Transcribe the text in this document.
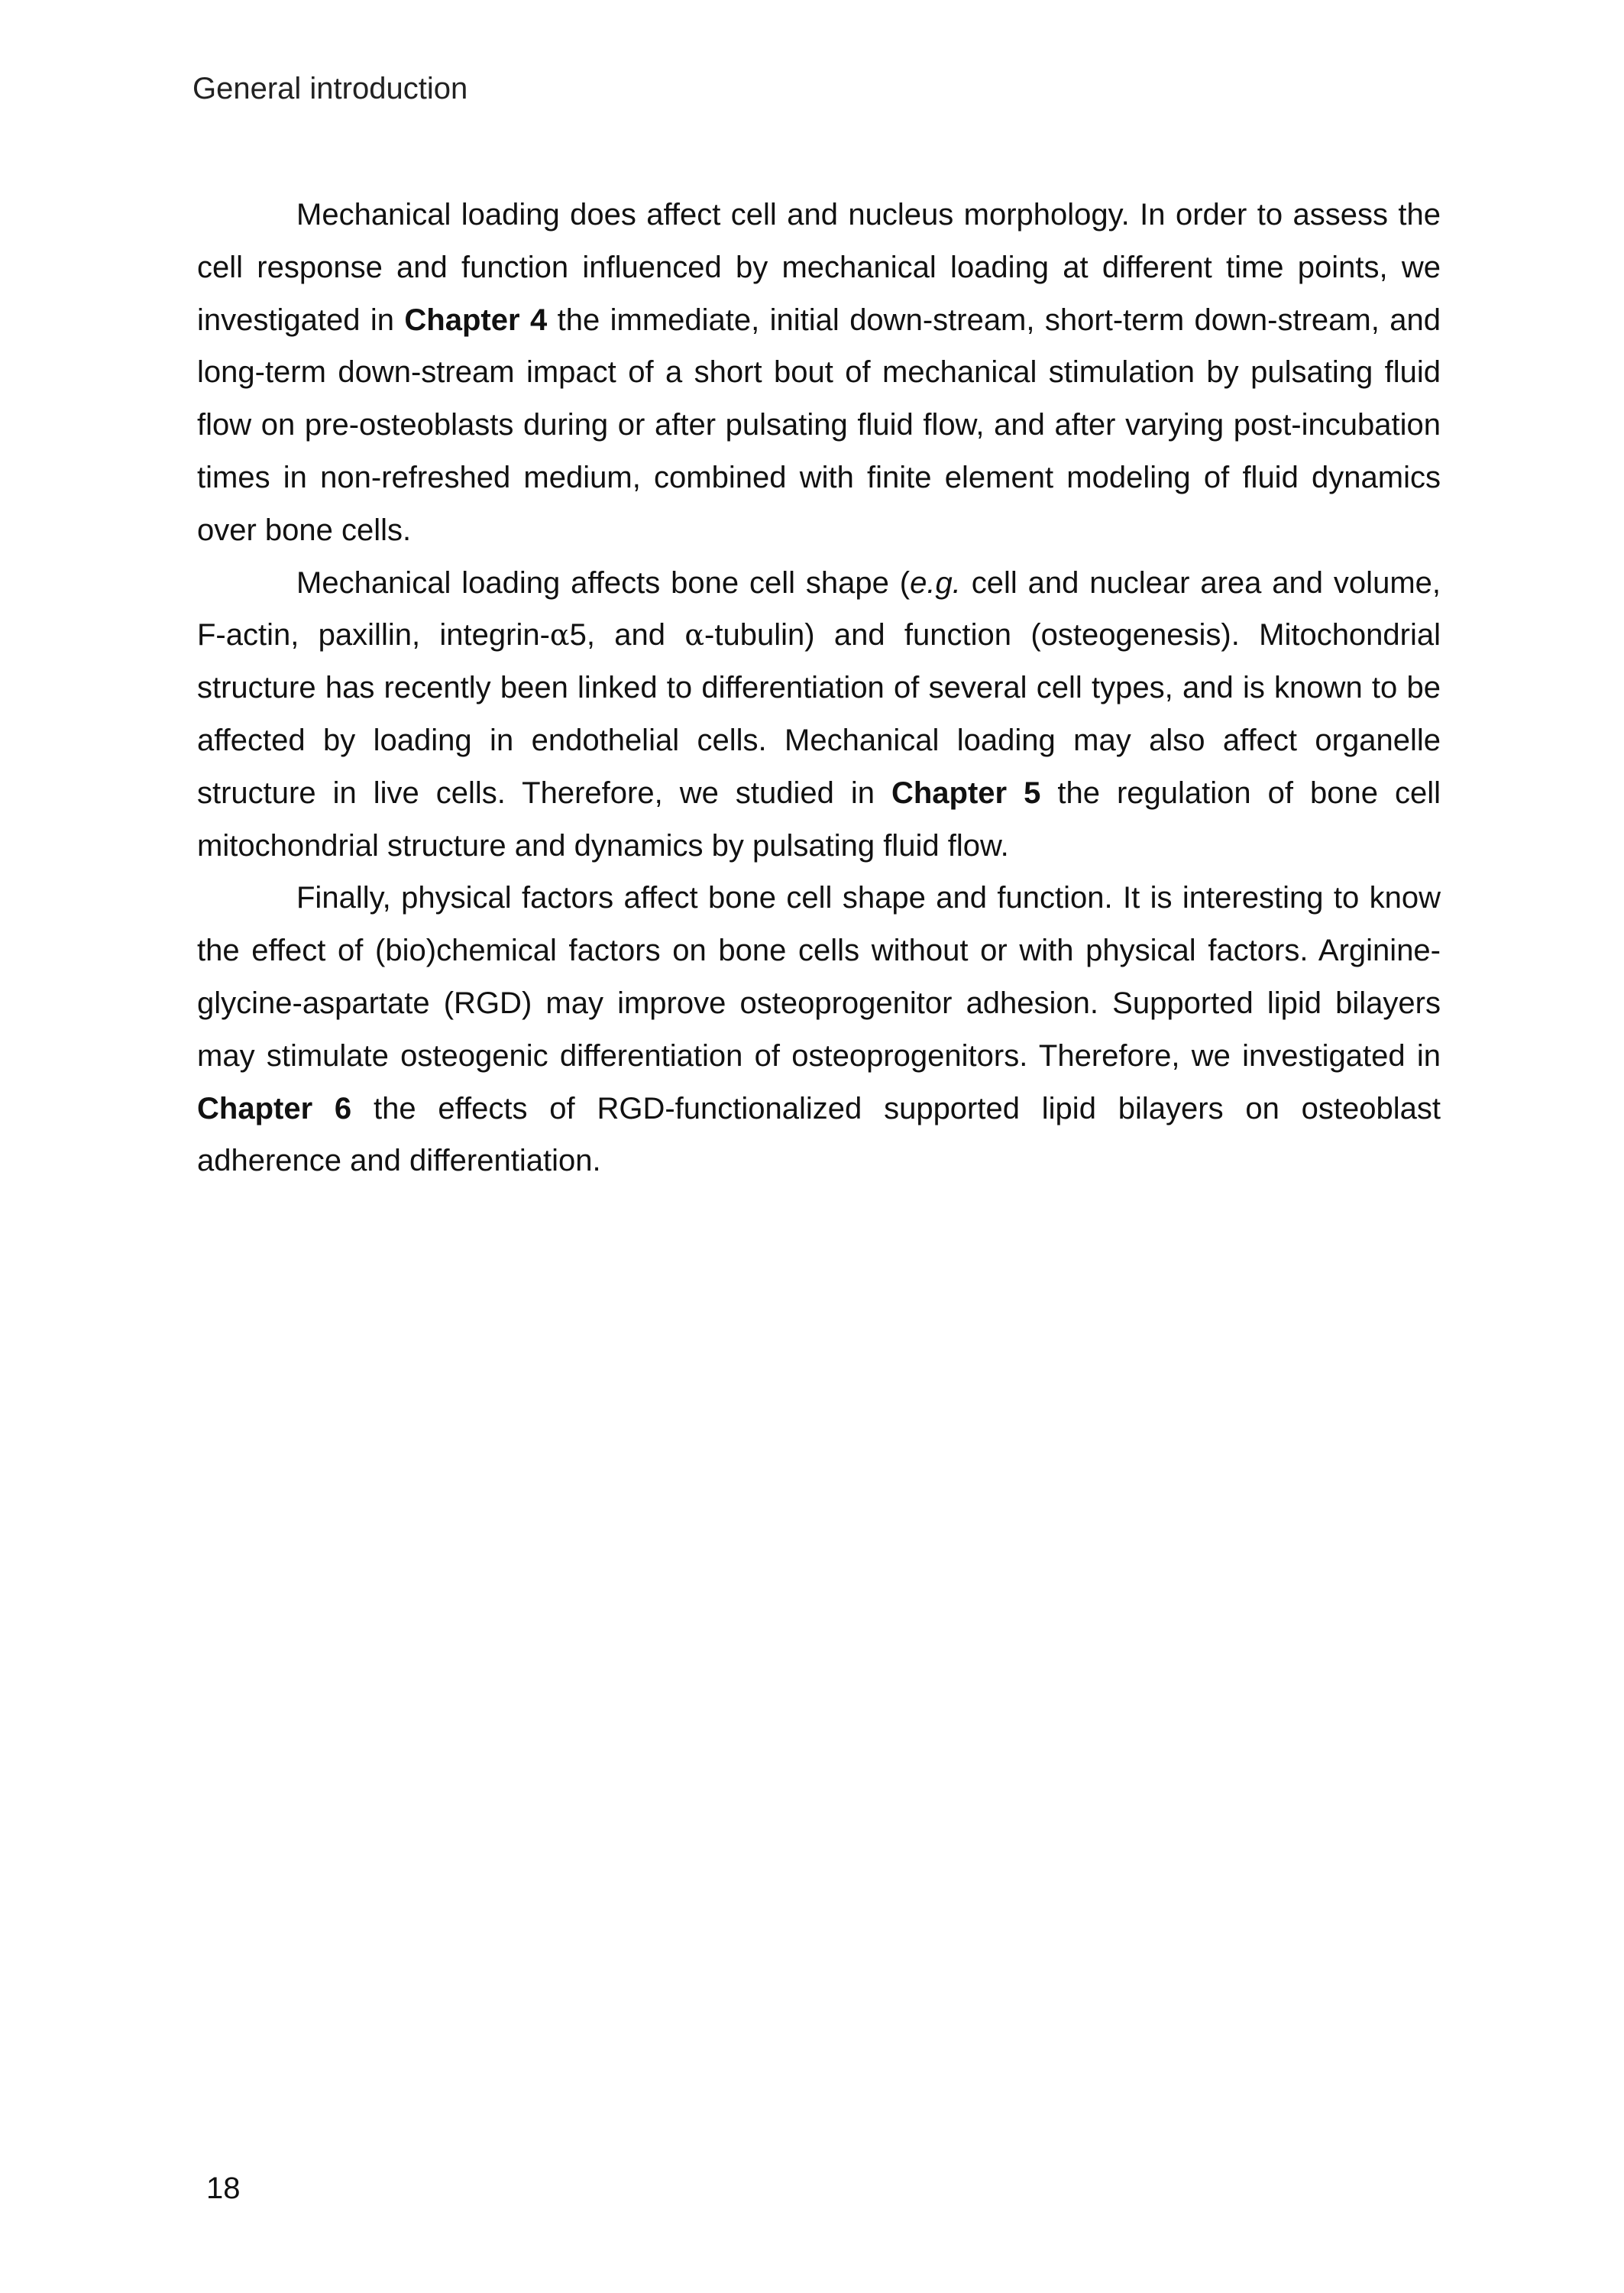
General introduction

Mechanical loading does affect cell and nucleus morphology. In order to assess the cell response and function influenced by mechanical loading at different time points, we investigated in Chapter 4 the immediate, initial down-stream, short-term down-stream, and long-term down-stream impact of a short bout of mechanical stimulation by pulsating fluid flow on pre-osteoblasts during or after pulsating fluid flow, and after varying post-incubation times in non-refreshed medium, combined with finite element modeling of fluid dynamics over bone cells.

Mechanical loading affects bone cell shape (e.g. cell and nuclear area and volume, F-actin, paxillin, integrin-α5, and α-tubulin) and function (osteogenesis). Mitochondrial structure has recently been linked to differentiation of several cell types, and is known to be affected by loading in endothelial cells. Mechanical loading may also affect organelle structure in live cells. Therefore, we studied in Chapter 5 the regulation of bone cell mitochondrial structure and dynamics by pulsating fluid flow.

Finally, physical factors affect bone cell shape and function. It is interesting to know the effect of (bio)chemical factors on bone cells without or with physical factors. Arginine-glycine-aspartate (RGD) may improve osteoprogenitor adhesion. Supported lipid bilayers may stimulate osteogenic differentiation of osteoprogenitors. Therefore, we investigated in Chapter 6 the effects of RGD-functionalized supported lipid bilayers on osteoblast adherence and differentiation.

18
